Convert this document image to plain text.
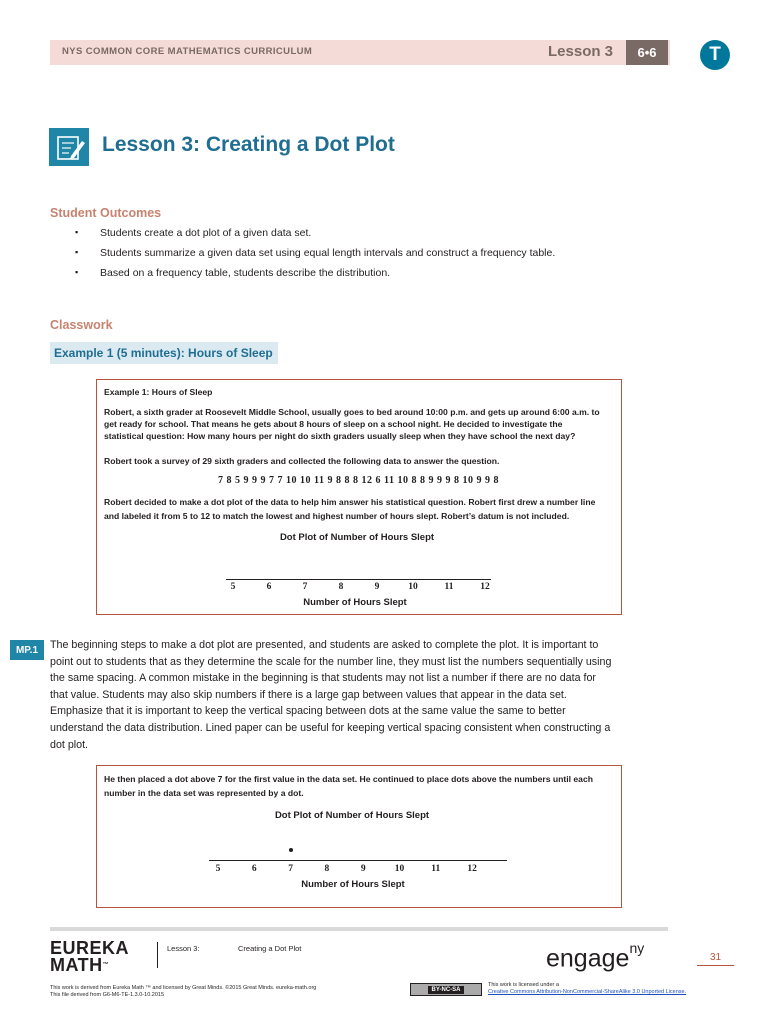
NYS COMMON CORE MATHEMATICS CURRICULUM	Lesson 3	6•6	T
Lesson 3: Creating a Dot Plot
Student Outcomes
▪ Students create a dot plot of a given data set.
▪ Students summarize a given data set using equal length intervals and construct a frequency table.
▪ Based on a frequency table, students describe the distribution.
Classwork
Example 1 (5 minutes): Hours of Sleep
Example 1: Hours of Sleep
Robert, a sixth grader at Roosevelt Middle School, usually goes to bed around 10:00 p.m. and gets up around 6:00 a.m. to
get ready for school. That means he gets about 8 hours of sleep on a school night. He decided to investigate the
statistical question: How many hours per night do sixth graders usually sleep when they have school the next day?
Robert took a survey of 29 sixth graders and collected the following data to answer the question.
7 8 5 9 9 9 7 7 10 10 11 9 8 8 8 12 6 11 10 8 8 9 9 9 8 10 9 9 8
Robert decided to make a dot plot of the data to help him answer his statistical question. Robert first drew a number line
and labeled it from 5 to 12 to match the lowest and highest number of hours slept. Robert’s datum is not included.
Dot Plot of Number of Hours Slept
5	6	7	8	9	10	11	12
Number of Hours Slept
MP.1	The beginning steps to make a dot plot are presented, and students are asked to complete the plot. It is important to
point out to students that as they determine the scale for the number line, they must list the numbers sequentially using
the same spacing. A common mistake in the beginning is that students may not list a number if there are no data for
that value. Students may also skip numbers if there is a large gap between values that appear in the data set.
Emphasize that it is important to keep the vertical spacing between dots at the same value the same to better
understand the data distribution. Lined paper can be useful for keeping vertical spacing consistent when constructing a
dot plot.
He then placed a dot above 7 for the first value in the data set. He continued to place dots above the numbers until each
number in the data set was represented by a dot.
Dot Plot of Number of Hours Slept
5	6	7	8	9	10	11	12
Number of Hours Slept
EUREKA
MATH™
Lesson 3:	Creating a Dot Plot	engage$^{ny}$
31
This work is derived from Eureka Math ™ and licensed by Great Minds. ©2015 Great Minds. eureka-math.org
This file derived from G6-M6-TE-1.3.0-10.2015
BY-NC-SA
This work is licensed under a
Creative Commons Attribution-NonCommercial-ShareAlike 3.0 Unported License.
